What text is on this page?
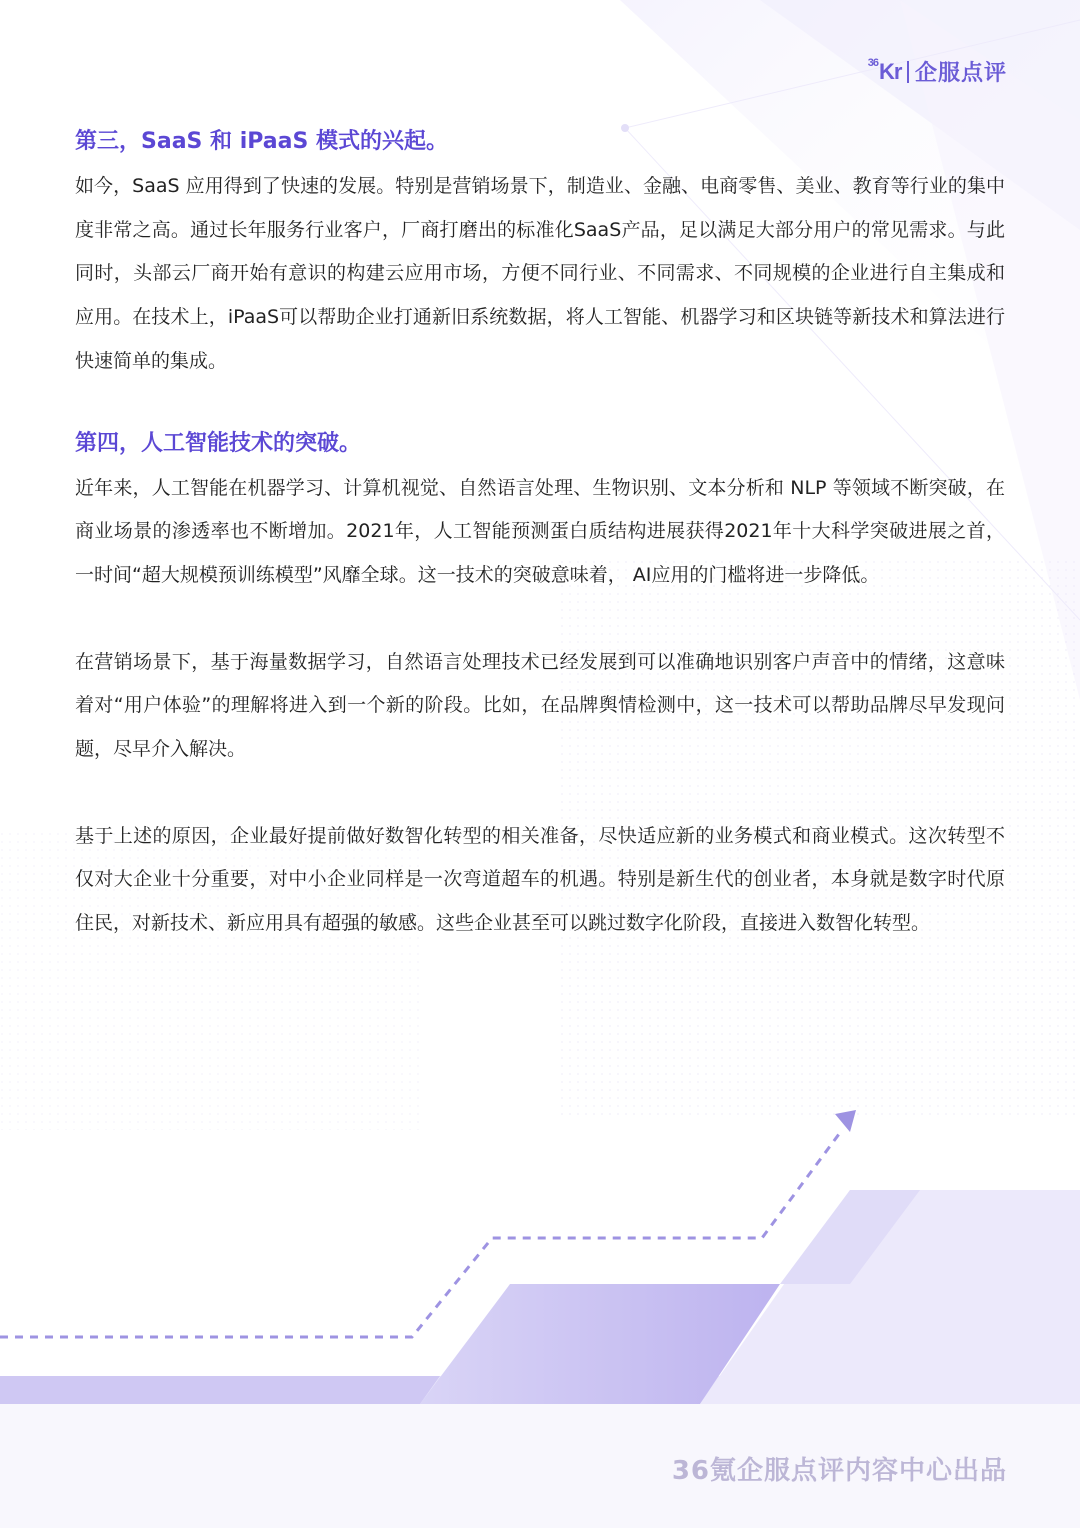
$^{36}$Kr 企服点评
第三，SaaS 和 iPaaS 模式的兴起。

如今，SaaS 应用得到了快速的发展。特别是营销场景下，制造业、金融、电商零售、美业、教育等行业的集中度非常之高。通过长年服务行业客户，厂商打磨出的标准化SaaS产品，足以满足大部分用户的常见需求。与此同时，头部云厂商开始有意识的构建云应用市场，方便不同行业、不同需求、不同规模的企业进行自主集成和应用。在技术上，iPaaS可以帮助企业打通新旧系统数据，将人工智能、机器学习和区块链等新技术和算法进行快速简单的集成。

第四，人工智能技术的突破。

近年来，人工智能在机器学习、计算机视觉、自然语言处理、生物识别、文本分析和 NLP 等领域不断突破，在商业场景的渗透率也不断增加。2021年，人工智能预测蛋白质结构进展获得2021年十大科学突破进展之首，一时间“超大规模预训练模型”风靡全球。这一技术的突破意味着， AI应用的门槛将进一步降低。

在营销场景下，基于海量数据学习，自然语言处理技术已经发展到可以准确地识别客户声音中的情绪，这意味着对“用户体验”的理解将进入到一个新的阶段。比如，在品牌舆情检测中，这一技术可以帮助品牌尽早发现问题，尽早介入解决。

基于上述的原因，企业最好提前做好数智化转型的相关准备，尽快适应新的业务模式和商业模式。这次转型不仅对大企业十分重要，对中小企业同样是一次弯道超车的机遇。特别是新生代的创业者，本身就是数字时代原住民，对新技术、新应用具有超强的敏感。这些企业甚至可以跳过数字化阶段，直接进入数智化转型。

36氪企服点评内容中心出品
